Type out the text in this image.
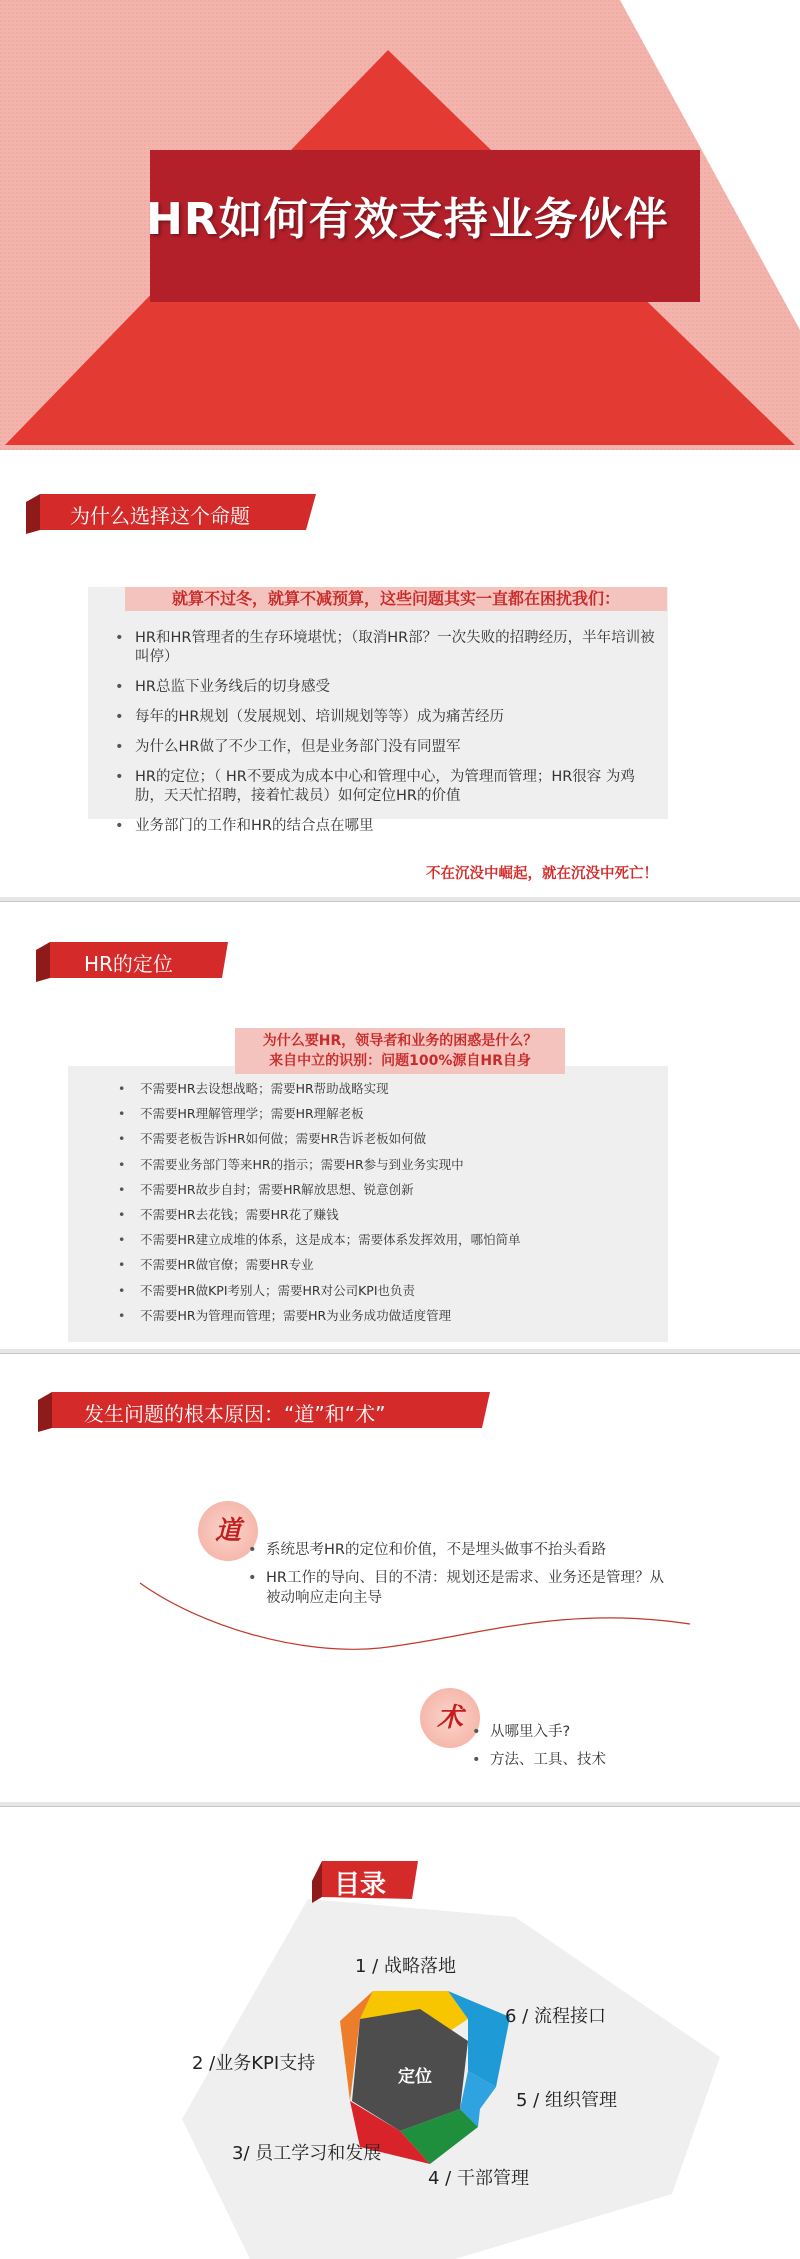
HR如何有效支持业务伙伴
为什么选择这个命题
就算不过冬，就算不减预算，这些问题其实一直都在困扰我们：
• HR和HR管理者的生存环境堪忧；（取消HR部？一次失败的招聘经历，半年培训被叫停）
• HR总监下业务线后的切身感受
• 每年的HR规划（发展规划、培训规划等等）成为痛苦经历
• 为什么HR做了不少工作，但是业务部门没有同盟军
• HR的定位；（ HR不要成为成本中心和管理中心，为管理而管理；HR很容 为鸡肋，天天忙招聘，接着忙裁员）如何定位HR的价值
• 业务部门的工作和HR的结合点在哪里
不在沉没中崛起，就在沉没中死亡！
HR的定位
为什么要HR，领导者和业务的困惑是什么？
来自中立的识别：问题100%源自HR自身
• 不需要HR去设想战略；需要HR帮助战略实现
• 不需要HR理解管理学；需要HR理解老板
• 不需要老板告诉HR如何做；需要HR告诉老板如何做
• 不需要业务部门等来HR的指示；需要HR参与到业务实现中
• 不需要HR故步自封；需要HR解放思想、锐意创新
• 不需要HR去花钱；需要HR花了赚钱
• 不需要HR建立成堆的体系，这是成本；需要体系发挥效用，哪怕简单
• 不需要HR做官僚；需要HR专业
• 不需要HR做KPI考别人；需要HR对公司KPI也负责
• 不需要HR为管理而管理；需要HR为业务成功做适度管理
发生问题的根本原因：“道”和“术”
道
• 系统思考HR的定位和价值，不是埋头做事不抬头看路
• HR工作的导向、目的不清：规划还是需求、业务还是管理？从被动响应走向主导
术
•	从哪里入手?
• 方法、工具、技术
目录
定位
1 / 战略落地
6 / 流程接口
5 / 组织管理
4 / 干部管理
3/ 员工学习和发展
2 /业务KPI支持
